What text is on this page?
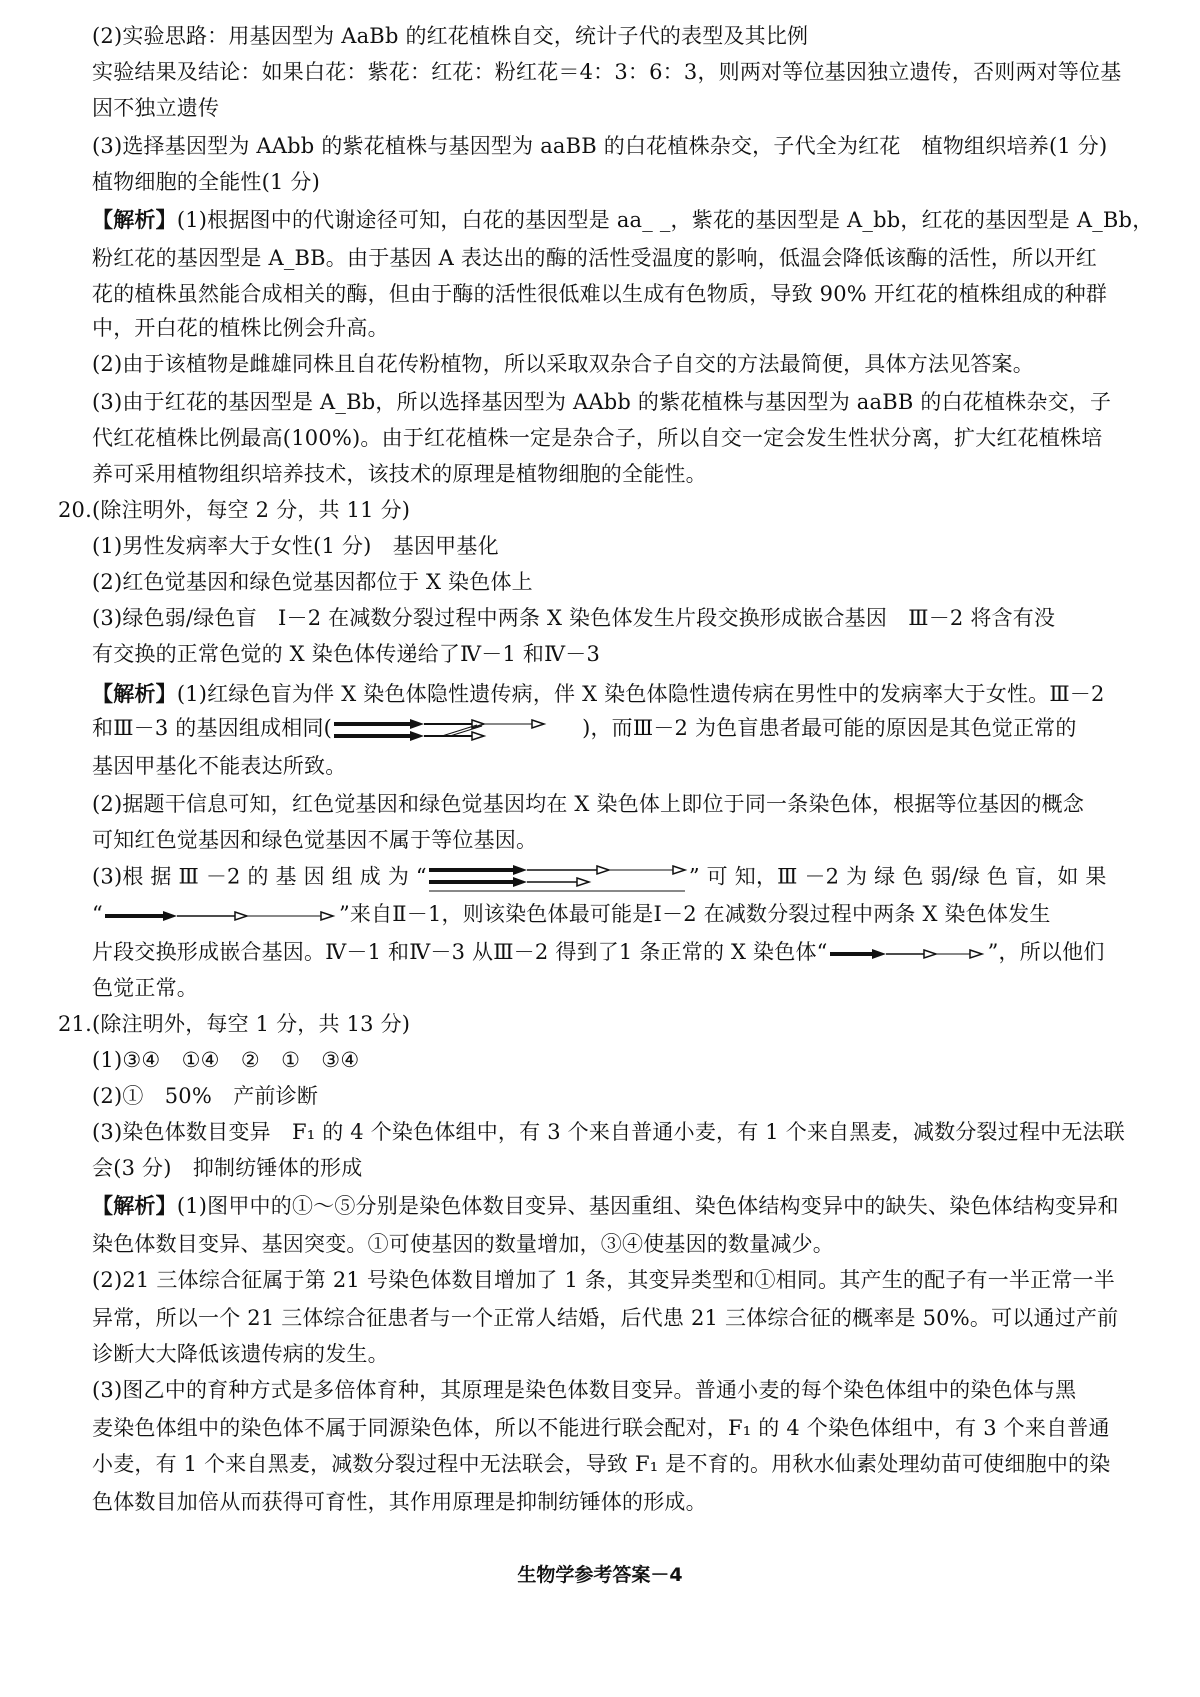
(2)实验思路：用基因型为 AaBb 的红花植株自交，统计子代的表型及其比例
实验结果及结论：如果白花：紫花：红花：粉红花＝4：3：6：3，则两对等位基因独立遗传，否则两对等位基
因不独立遗传
(3)选择基因型为 AAbb 的紫花植株与基因型为 aaBB 的白花植株杂交，子代全为红花　植物组织培养(1 分)
植物细胞的全能性(1 分)
【解析】(1)根据图中的代谢途径可知，白花的基因型是 aa_ _，紫花的基因型是 A_bb，红花的基因型是 A_Bb，
粉红花的基因型是 A_BB。由于基因 A 表达出的酶的活性受温度的影响，低温会降低该酶的活性，所以开红
花的植株虽然能合成相关的酶，但由于酶的活性很低难以生成有色物质，导致 90% 开红花的植株组成的种群
中，开白花的植株比例会升高。
(2)由于该植物是雌雄同株且自花传粉植物，所以采取双杂合子自交的方法最简便，具体方法见答案。
(3)由于红花的基因型是 A_Bb，所以选择基因型为 AAbb 的紫花植株与基因型为 aaBB 的白花植株杂交，子
代红花植株比例最高(100%)。由于红花植株一定是杂合子，所以自交一定会发生性状分离，扩大红花植株培
养可采用植物组织培养技术，该技术的原理是植物细胞的全能性。
20.(除注明外，每空 2 分，共 11 分)
(1)男性发病率大于女性(1 分)　基因甲基化
(2)红色觉基因和绿色觉基因都位于 X 染色体上
(3)绿色弱/绿色盲　Ⅰ－2 在减数分裂过程中两条 X 染色体发生片段交换形成嵌合基因　Ⅲ－2 将含有没
有交换的正常色觉的 X 染色体传递给了Ⅳ－1 和Ⅳ－3
【解析】(1)红绿色盲为伴 X 染色体隐性遗传病，伴 X 染色体隐性遗传病在男性中的发病率大于女性。Ⅲ－2
和Ⅲ－3 的基因组成相同(	)，而Ⅲ－2 为色盲患者最可能的原因是其色觉正常的
基因甲基化不能表达所致。
(2)据题干信息可知，红色觉基因和绿色觉基因均在 X 染色体上即位于同一条染色体，根据等位基因的概念
可知红色觉基因和绿色觉基因不属于等位基因。
(3)根 据 Ⅲ －2 的 基 因 组 成 为 “	” 可 知，Ⅲ －2 为 绿 色 弱/绿 色 盲，如 果
“	”来自Ⅱ－1，则该染色体最可能是Ⅰ－2 在减数分裂过程中两条 X 染色体发生
片段交换形成嵌合基因。Ⅳ－1 和Ⅳ－3 从Ⅲ－2 得到了1 条正常的 X 染色体“	”，所以他们
色觉正常。
21.(除注明外，每空 1 分，共 13 分)
(1)③④　①④　②　①　③④
(2)①　50%　产前诊断
(3)染色体数目变异　F₁ 的 4 个染色体组中，有 3 个来自普通小麦，有 1 个来自黑麦，减数分裂过程中无法联
会(3 分)　抑制纺锤体的形成
【解析】(1)图甲中的①～⑤分别是染色体数目变异、基因重组、染色体结构变异中的缺失、染色体结构变异和
染色体数目变异、基因突变。①可使基因的数量增加，③④使基因的数量减少。
(2)21 三体综合征属于第 21 号染色体数目增加了 1 条，其变异类型和①相同。其产生的配子有一半正常一半
异常，所以一个 21 三体综合征患者与一个正常人结婚，后代患 21 三体综合征的概率是 50%。可以通过产前
诊断大大降低该遗传病的发生。
(3)图乙中的育种方式是多倍体育种，其原理是染色体数目变异。普通小麦的每个染色体组中的染色体与黑
麦染色体组中的染色体不属于同源染色体，所以不能进行联会配对，F₁ 的 4 个染色体组中，有 3 个来自普通
小麦，有 1 个来自黑麦，减数分裂过程中无法联会，导致 F₁ 是不育的。用秋水仙素处理幼苗可使细胞中的染
色体数目加倍从而获得可育性，其作用原理是抑制纺锤体的形成。
生物学参考答案－4
